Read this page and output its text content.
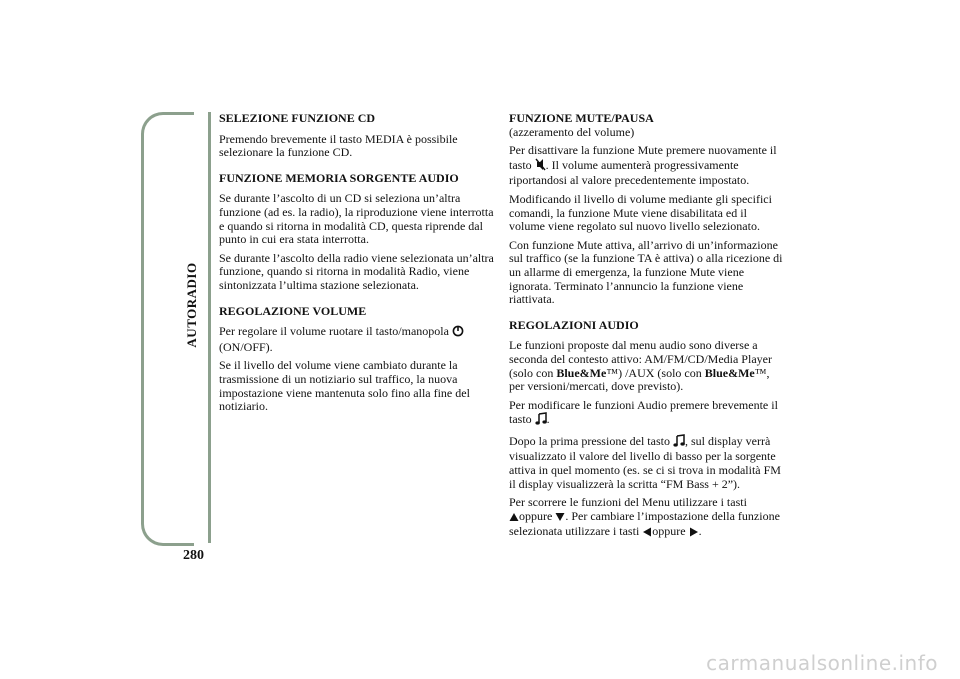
AUTORADIO
280

SELEZIONE FUNZIONE CD

Premendo brevemente il tasto MEDIA è possibile selezionare la funzione CD.

FUNZIONE MEMORIA SORGENTE AUDIO

Se durante l’ascolto di un CD si seleziona un’altra funzione (ad es. la radio), la riproduzione viene interrotta e quando si ritorna in modalità CD, questa riprende dal punto in cui era stata interrotta.

Se durante l’ascolto della radio viene selezionata un’altra funzione, quando si ritorna in modalità Radio, viene sintonizzata l’ultima stazione selezionata.

REGOLAZIONE VOLUME

Per regolare il volume ruotare il tasto/manopola  (ON/OFF).

Se il livello del volume viene cambiato durante la trasmissione di un notiziario sul traffico, la nuova impostazione viene mantenuta solo fino alla fine del notiziario.

FUNZIONE MUTE/PAUSA

(azzeramento del volume)

Per disattivare la funzione Mute premere nuovamente il tasto . Il volume aumenterà progressivamente riportandosi al valore precedentemente impostato.

Modificando il livello di volume mediante gli specifici comandi, la funzione Mute viene disabilitata ed il volume viene regolato sul nuovo livello selezionato.

Con funzione Mute attiva, all’arrivo di un’informazione sul traffico (se la funzione TA è attiva) o alla ricezione di un allarme di emergenza, la funzione Mute viene ignorata. Terminato l’annuncio la funzione viene riattivata.

REGOLAZIONI AUDIO

Le funzioni proposte dal menu audio sono diverse a seconda del contesto attivo: AM/FM/CD/Media Player (solo con Blue&Me™) /AUX (solo con Blue&Me™, per versioni/mercati, dove previsto).

Per modificare le funzioni Audio premere brevemente il tasto .

Dopo la prima pressione del tasto , sul display verrà visualizzato il valore del livello di basso per la sorgente attiva in quel momento (es. se ci si trova in modalità FM il display visualizzerà la scritta “FM Bass + 2”).

Per scorrere le funzioni del Menu utilizzare i tasti
oppure . Per cambiare l’impostazione della funzione selezionata utilizzare i tasti oppure .

carmanualsonline.info
